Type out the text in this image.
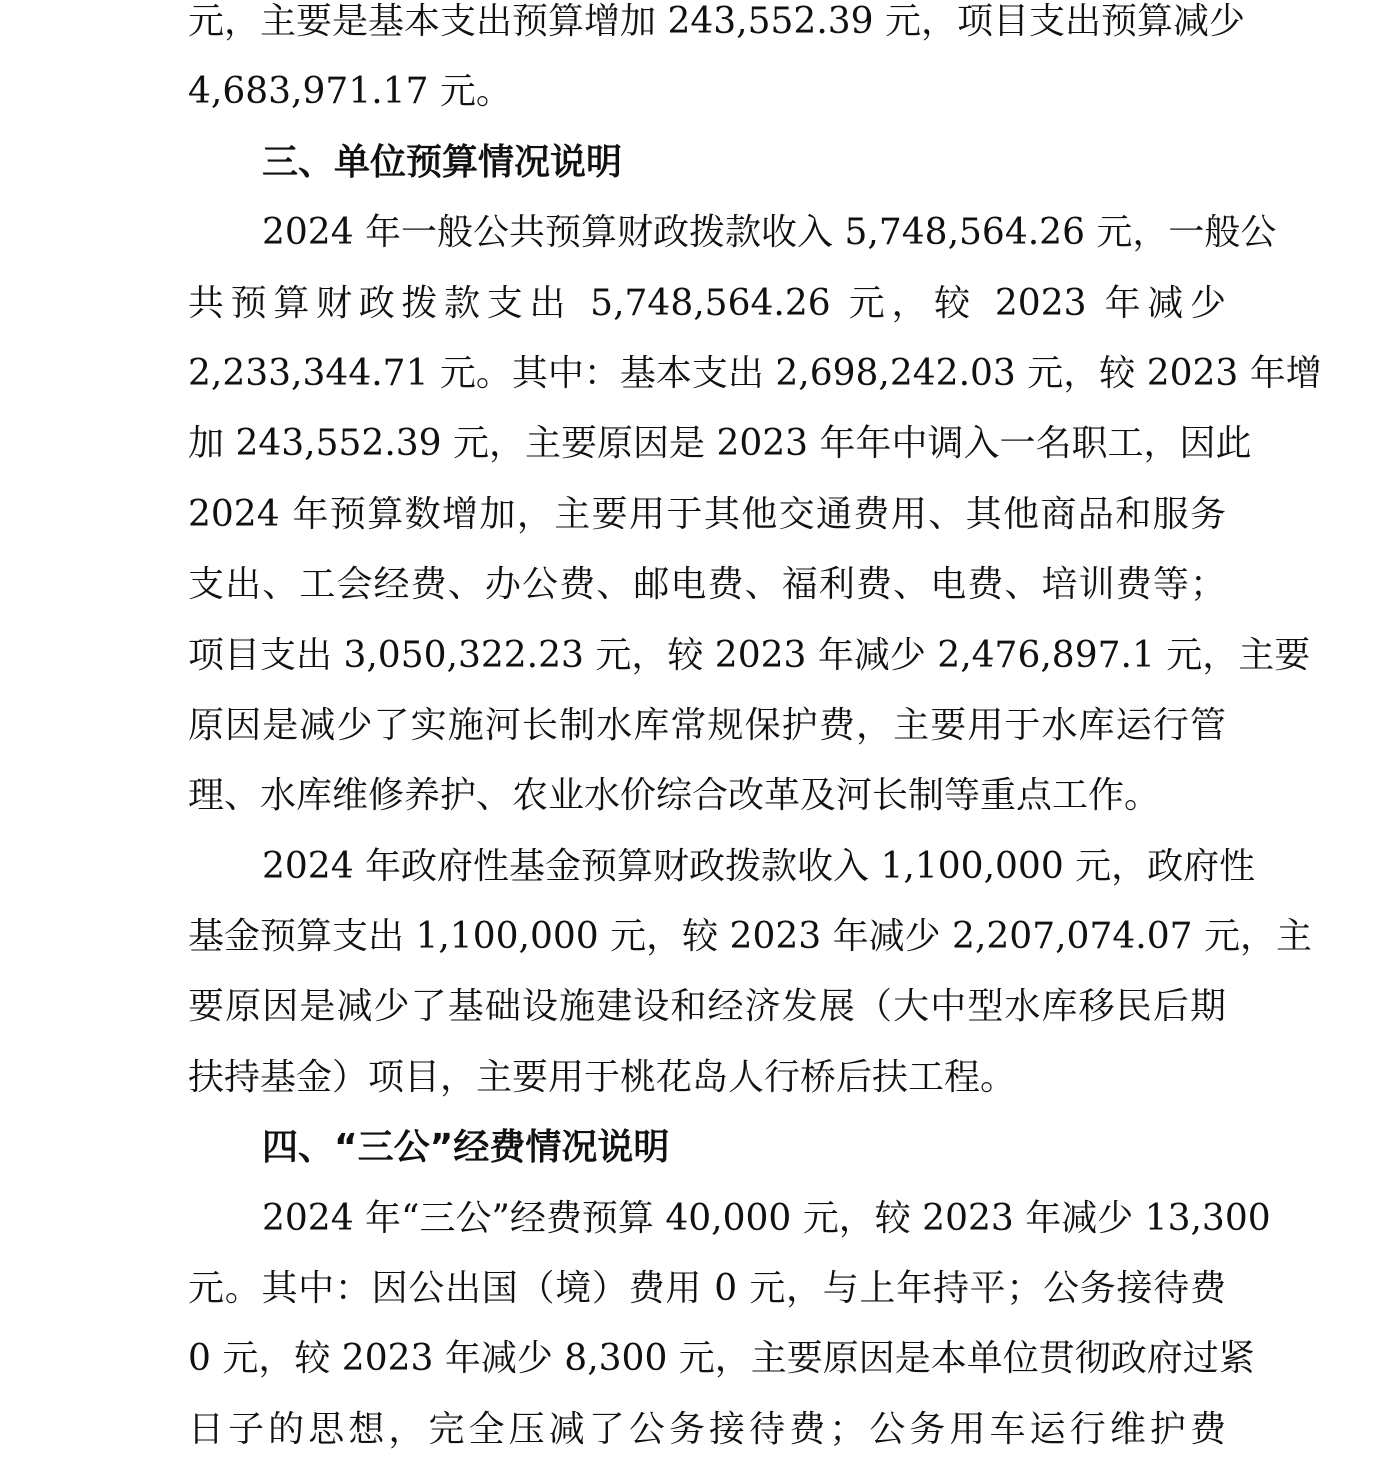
元，主要是基本支出预算增加 243,552.39 元，项目支出预算减少
4,683,971.17 元。
三、单位预算情况说明
2024 年一般公共预算财政拨款收入 5,748,564.26 元，一般公
共预算财政拨款支出 5,748,564.26 元，较 2023 年减少
2,233,344.71 元。其中：基本支出 2,698,242.03 元，较 2023 年增
加 243,552.39 元，主要原因是 2023 年年中调入一名职工，因此
2024 年预算数增加，主要用于其他交通费用、其他商品和服务
支出、工会经费、办公费、邮电费、福利费、电费、培训费等；
项目支出 3,050,322.23 元，较 2023 年减少 2,476,897.1 元，主要
原因是减少了实施河长制水库常规保护费，主要用于水库运行管
理、水库维修养护、农业水价综合改革及河长制等重点工作。
2024 年政府性基金预算财政拨款收入 1,100,000 元，政府性
基金预算支出 1,100,000 元，较 2023 年减少 2,207,074.07 元，主
要原因是减少了基础设施建设和经济发展（大中型水库移民后期
扶持基金）项目，主要用于桃花岛人行桥后扶工程。
四、“三公”经费情况说明
2024 年“三公”经费预算 40,000 元，较 2023 年减少 13,300
元。其中：因公出国（境）费用 0 元，与上年持平；公务接待费
0 元，较 2023 年减少 8,300 元，主要原因是本单位贯彻政府过紧
日子的思想，完全压减了公务接待费；公务用车运行维护费
